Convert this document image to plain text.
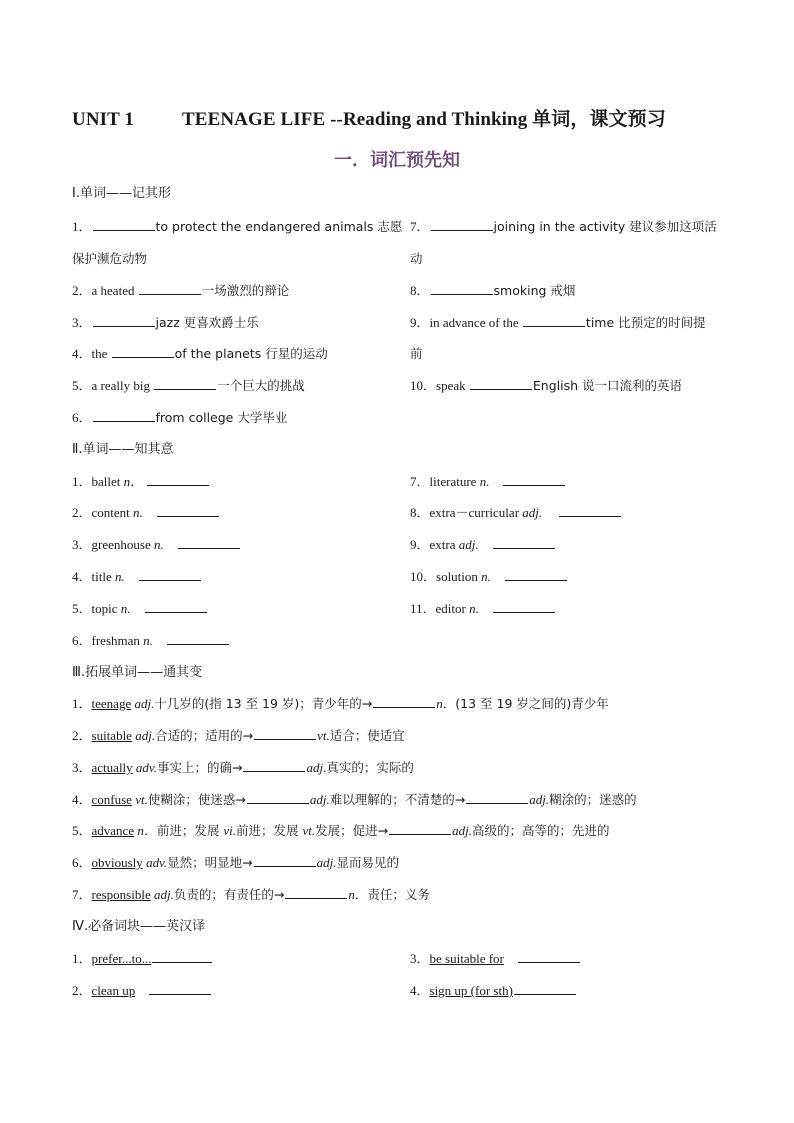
UNIT 1	TEENAGE LIFE --Reading and Thinking 单词，课文预习
一．词汇预先知
Ⅰ.单词——记其形
1．	to protect the endangered animals 志愿 7．	joining in the activity 建议参加这项活
保护濒危动物	动
2．a heated	一场激烈的辩论	8．	smoking 戒烟
3．	jazz 更喜欢爵士乐	9．in advance of the	time 比预定的时间提
4．the	of the planets 行星的运动	前
5．a really big	一个巨大的挑战	10．speak	English 说一口流利的英语
6．	from college 大学毕业
Ⅱ.单词——知其意
1．ballet n．	7．literature n.
2．content n.	8．extra－curricular adj.
3．greenhouse n.	9．extra adj.
4．title n.	10．solution n.
5．topic n.	11．editor n.
6．freshman n.
Ⅲ.拓展单词——通其变
1．teenage adj.十几岁的(指 13 至 19 岁)；青少年的→	n．(13 至 19 岁之间的)青少年
2．suitable adj.合适的；适用的→	vt.适合；使适宜
3．actually adv.事实上；的确→	adj.真实的；实际的
4．confuse vt.使糊涂；使迷惑→	adj.难以理解的；不清楚的→	adj.糊涂的；迷惑的
5．advance n．前进；发展 vi.前进；发展 vt.发展；促进→	adj.高级的；高等的；先进的
6．obviously adv.显然；明显地→	adj.显而易见的
7．responsible adj.负责的；有责任的→	n．责任；义务
Ⅳ.必备词块——英汉译
1．prefer...to...	3．be suitable for
2．clean up	4．sign up (for sth)
